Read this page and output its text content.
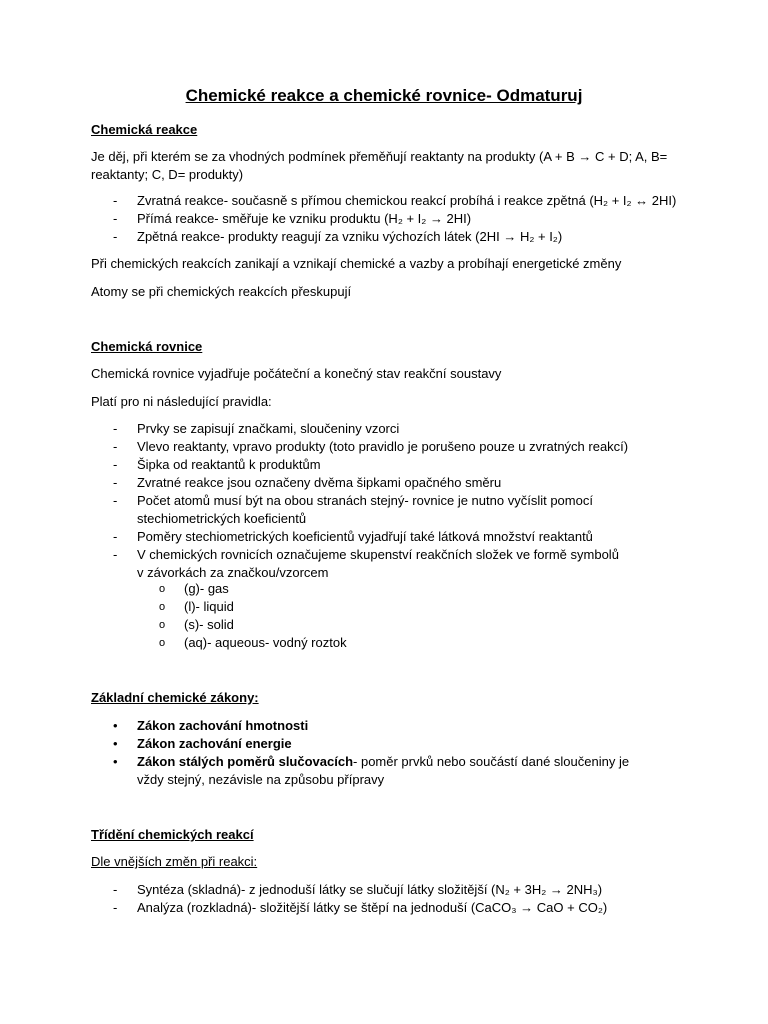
Chemické reakce a chemické rovnice- Odmaturuj

Chemická reakce

Je děj, při kterém se za vhodných podmínek přeměňují reaktanty na produkty (A + B → C + D; A, B= reaktanty; C, D= produkty)

- Zvratná reakce- současně s přímou chemickou reakcí probíhá i reakce zpětná (H₂ + I₂ ↔ 2HI)
- Přímá reakce- směřuje ke vzniku produktu (H₂ + I₂ → 2HI)
- Zpětná reakce- produkty reagují za vzniku výchozích látek (2HI → H₂ + I₂)

Při chemických reakcích zanikají a vznikají chemické a vazby a probíhají energetické změny

Atomy se při chemických reakcích přeskupují

Chemická rovnice

Chemická rovnice vyjadřuje počáteční a konečný stav reakční soustavy

Platí pro ni následující pravidla:

- Prvky se zapisují značkami, sloučeniny vzorci
- Vlevo reaktanty, vpravo produkty (toto pravidlo je porušeno pouze u zvratných reakcí)
- Šipka od reaktantů k produktům
- Zvratné reakce jsou označeny dvěma šipkami opačného směru
- Počet atomů musí být na obou stranách stejný- rovnice je nutno vyčíslit pomocí stechiometrických koeficientů
- Poměry stechiometrických koeficientů vyjadřují také látková množství reaktantů
- V chemických rovnicích označujeme skupenství reakčních složek ve formě symbolů v závorkách za značkou/vzorcem
o (g)- gas
o (l)- liquid
o (s)- solid
o (aq)- aqueous- vodný roztok

Základní chemické zákony:

• Zákon zachování hmotnosti
• Zákon zachování energie
• Zákon stálých poměrů slučovacích- poměr prvků nebo součástí dané sloučeniny je vždy stejný, nezávisle na způsobu přípravy

Třídění chemických reakcí

Dle vnějších změn při reakci:

- Syntéza (skladná)- z jednoduší látky se slučují látky složitější (N₂ + 3H₂ → 2NH₃)
- Analýza (rozkladná)- složitější látky se štěpí na jednoduší (CaCO₃ → CaO + CO₂)
